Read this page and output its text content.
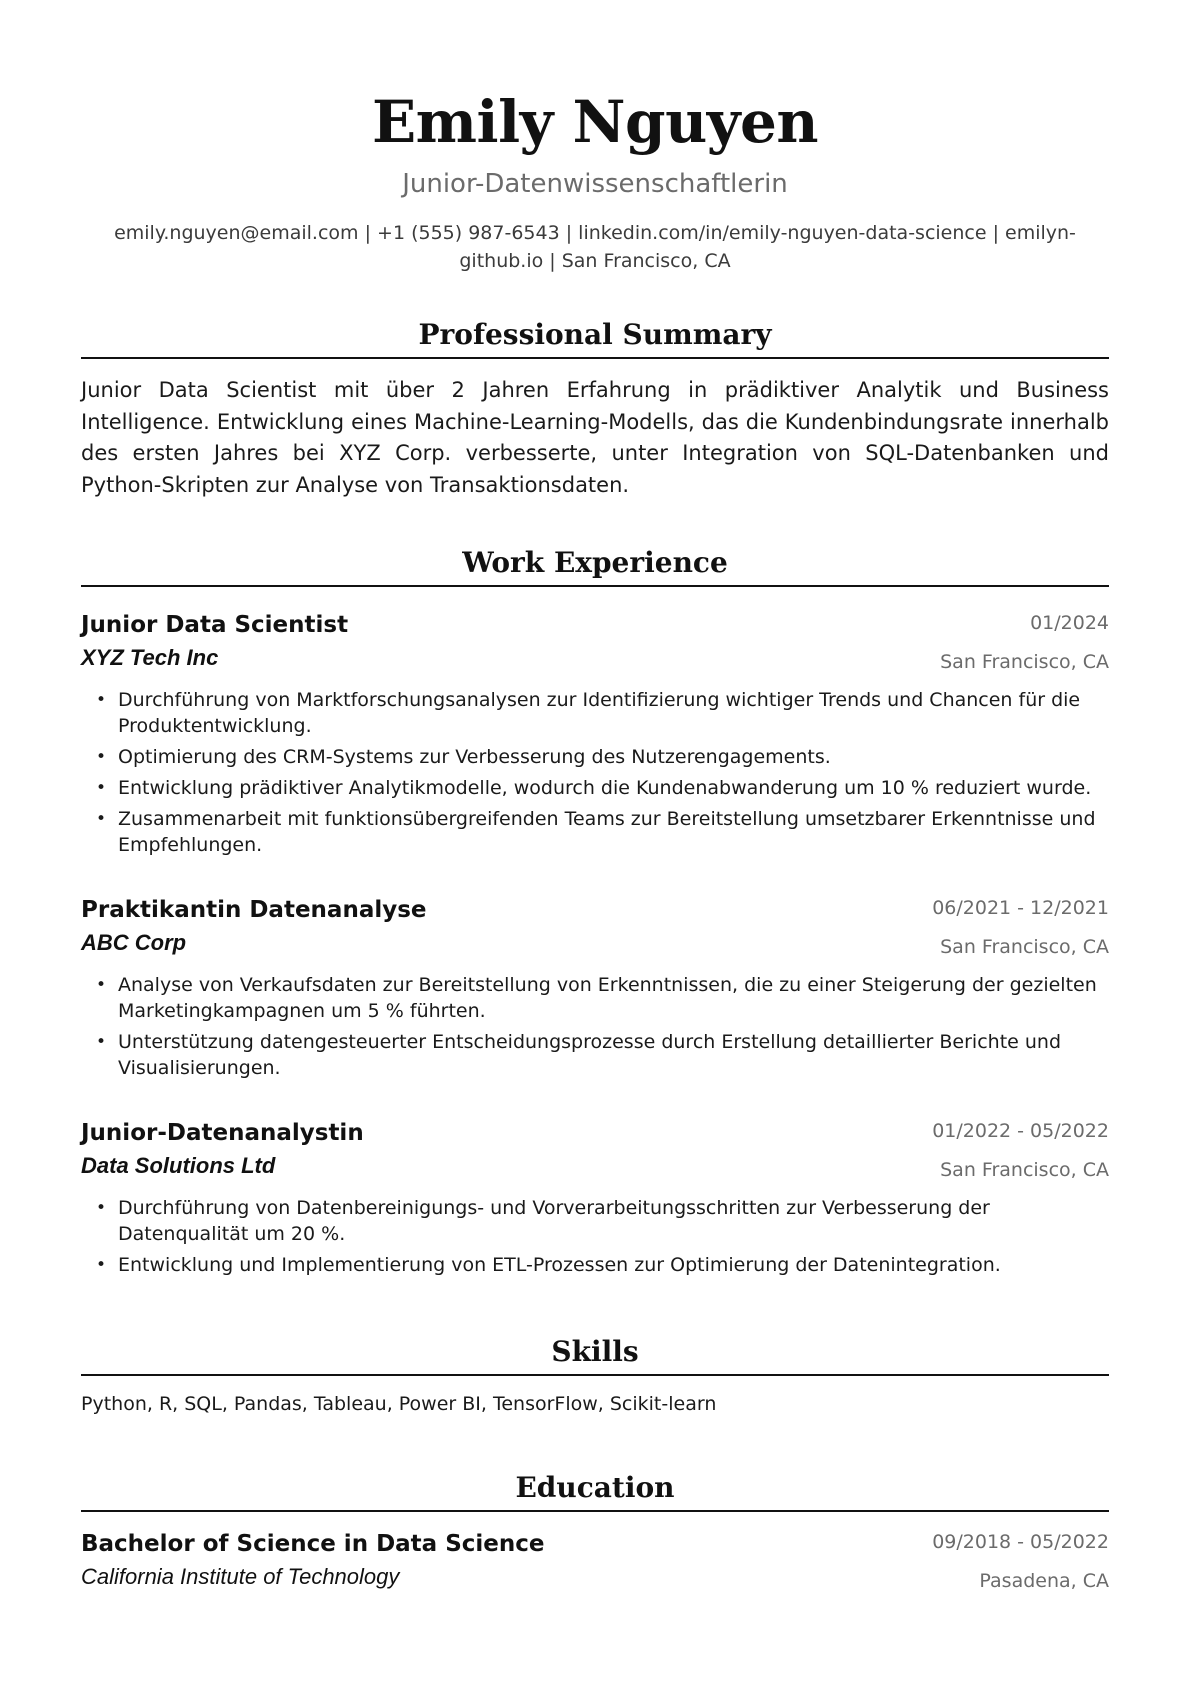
Emily Nguyen
Junior-Datenwissenschaftlerin
emily.nguyen@email.com | +1 (555) 987-6543 | linkedin.com/in/emily-nguyen-data-science | emilyn-github.io | San Francisco, CA
Professional Summary

Junior Data Scientist mit über 2 Jahren Erfahrung in prädiktiver Analytik und Business Intelligence. Entwicklung eines Machine-Learning-Modells, das die Kundenbindungsrate innerhalb des ersten Jahres bei XYZ Corp. verbesserte, unter Integration von SQL-Datenbanken und Python-Skripten zur Analyse von Transaktionsdaten.

Work Experience
Junior Data Scientist	01/2024
XYZ Tech Inc	San Francisco, CA
• Durchführung von Marktforschungsanalysen zur Identifizierung wichtiger Trends und Chancen für die Produktentwicklung.
• Optimierung des CRM-Systems zur Verbesserung des Nutzerengagements.
• Entwicklung prädiktiver Analytikmodelle, wodurch die Kundenabwanderung um 10 % reduziert wurde.
• Zusammenarbeit mit funktionsübergreifenden Teams zur Bereitstellung umsetzbarer Erkenntnisse und Empfehlungen.
Praktikantin Datenanalyse	06/2021 - 12/2021
ABC Corp	San Francisco, CA
• Analyse von Verkaufsdaten zur Bereitstellung von Erkenntnissen, die zu einer Steigerung der gezielten Marketingkampagnen um 5 % führten.
• Unterstützung datengesteuerter Entscheidungsprozesse durch Erstellung detaillierter Berichte und Visualisierungen.
Junior-Datenanalystin	01/2022 - 05/2022
Data Solutions Ltd	San Francisco, CA
• Durchführung von Datenbereinigungs- und Vorverarbeitungsschritten zur Verbesserung der Datenqualität um 20 %.
• Entwicklung und Implementierung von ETL-Prozessen zur Optimierung der Datenintegration.
Skills
Python, R, SQL, Pandas, Tableau, Power BI, TensorFlow, Scikit-learn
Education
Bachelor of Science in Data Science	09/2018 - 05/2022
California Institute of Technology	Pasadena, CA
